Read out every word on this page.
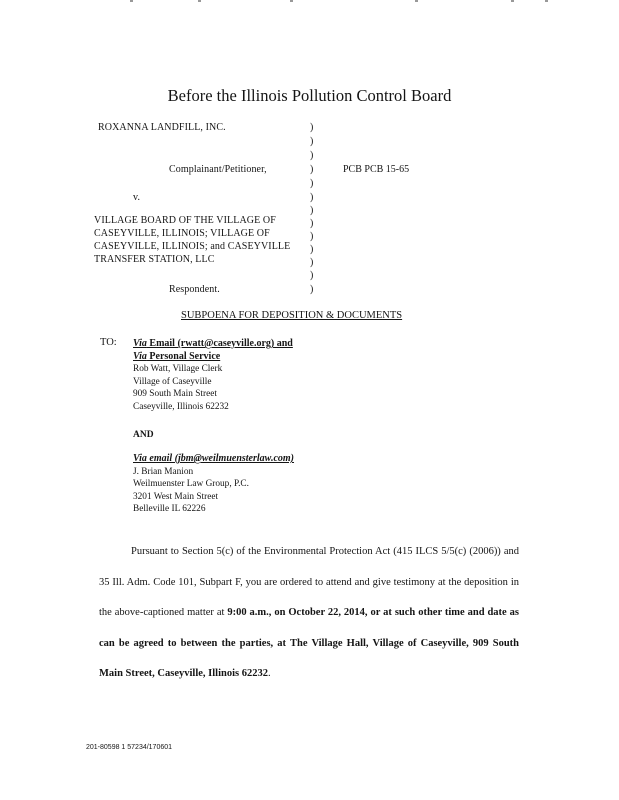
Before the Illinois Pollution Control Board
ROXANNA LANDFILL, INC.
Complainant/Petitioner,
v.
VILLAGE BOARD OF THE VILLAGE OF
CASEYVILLE, ILLINOIS; VILLAGE OF
CASEYVILLE, ILLINOIS; and CASEYVILLE
TRANSFER STATION, LLC
Respondent.
)
)
)
)
)
)
)
)
)
)
)
)
)
PCB PCB 15-65
SUBPOENA FOR DEPOSITION & DOCUMENTS
TO: Via Email (rwatt@caseyville.org) and
Via Personal Service
Rob Watt, Village Clerk
Village of Caseyville
909 South Main Street
Caseyville, Illinois 62232
AND
Via email (jbm@weilmuensterlaw.com)
J. Brian Manion
Weilmuenster Law Group, P.C.
3201 West Main Street
Belleville IL 62226

Pursuant to Section 5(c) of the Environmental Protection Act (415 ILCS 5/5(c) (2006)) and 35 Ill. Adm. Code 101, Subpart F, you are ordered to attend and give testimony at the deposition in the above-captioned matter at 9:00 a.m., on October 22, 2014, or at such other time and date as can be agreed to between the parties, at The Village Hall, Village of Caseyville, 909 South Main Street, Caseyville, Illinois 62232.

201-80598 1 57234/170601
